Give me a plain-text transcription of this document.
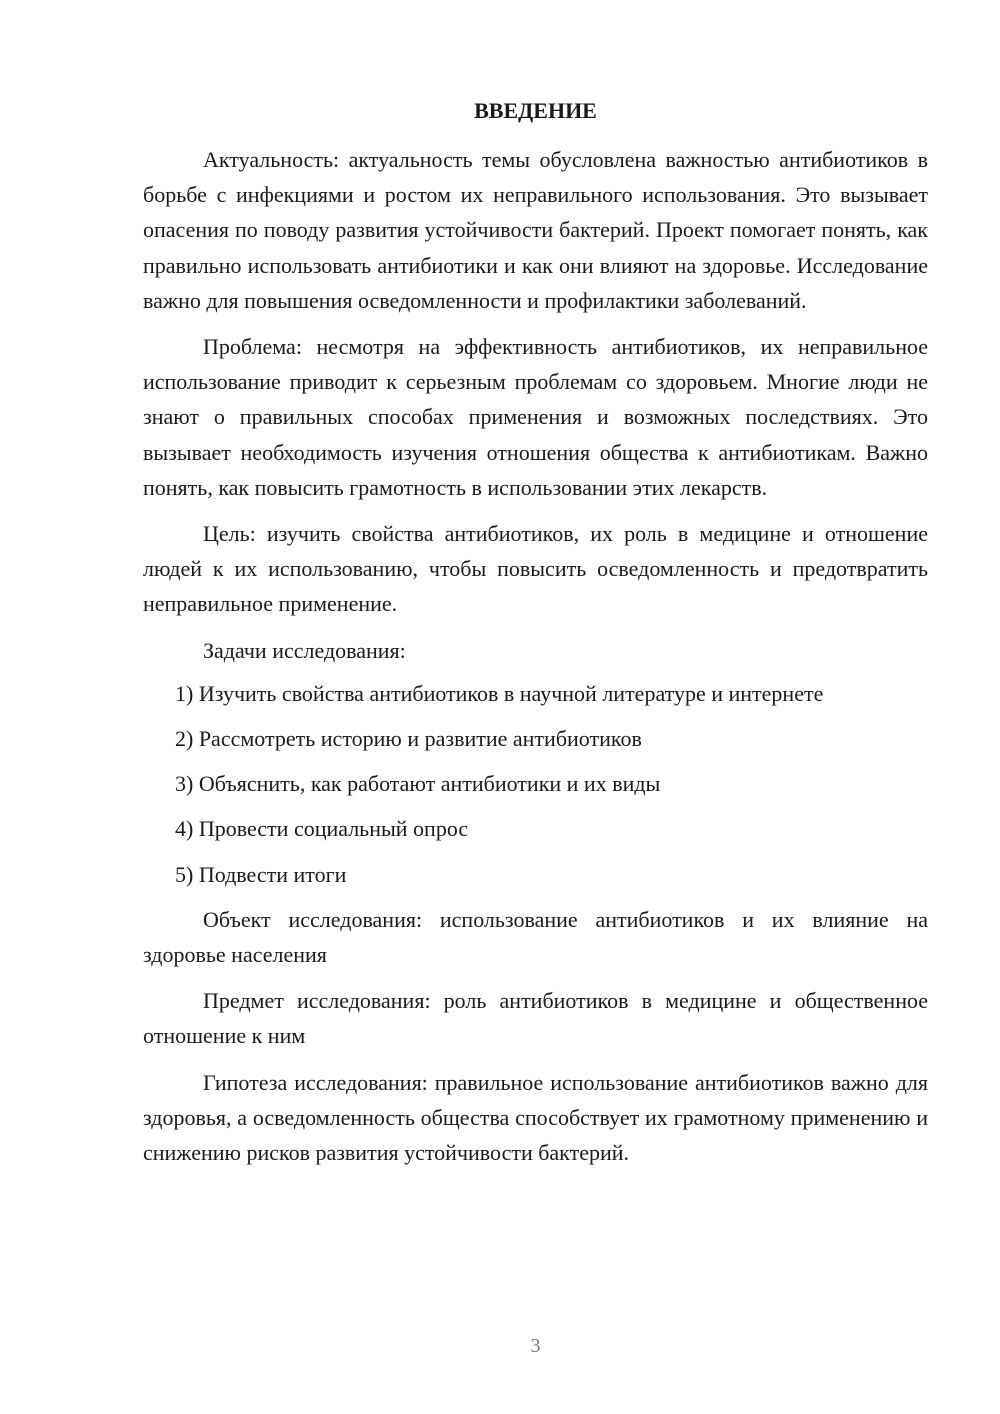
ВВЕДЕНИЕ

Актуальность: актуальность темы обусловлена важностью антибиотиков в борьбе с инфекциями и ростом их неправильного использования. Это вызывает опасения по поводу развития устойчивости бактерий. Проект помогает понять, как правильно использовать антибиотики и как они влияют на здоровье. Исследование важно для повышения осведомленности и профилактики заболеваний.

Проблема: несмотря на эффективность антибиотиков, их неправильное использование приводит к серьезным проблемам со здоровьем. Многие люди не знают о правильных способах применения и возможных последствиях. Это вызывает необходимость изучения отношения общества к антибиотикам. Важно понять, как повысить грамотность в использовании этих лекарств.

Цель: изучить свойства антибиотиков, их роль в медицине и отношение людей к их использованию, чтобы повысить осведомленность и предотвратить неправильное применение.

Задачи исследования:

1) Изучить свойства антибиотиков в научной литературе и интернете

2) Рассмотреть историю и развитие антибиотиков

3) Объяснить, как работают антибиотики и их виды

4) Провести социальный опрос

5) Подвести итоги

Объект исследования: использование антибиотиков и их влияние на здоровье населения

Предмет исследования: роль антибиотиков в медицине и общественное отношение к ним

Гипотеза исследования: правильное использование антибиотиков важно для здоровья, а осведомленность общества способствует их грамотному применению и снижению рисков развития устойчивости бактерий.

3
